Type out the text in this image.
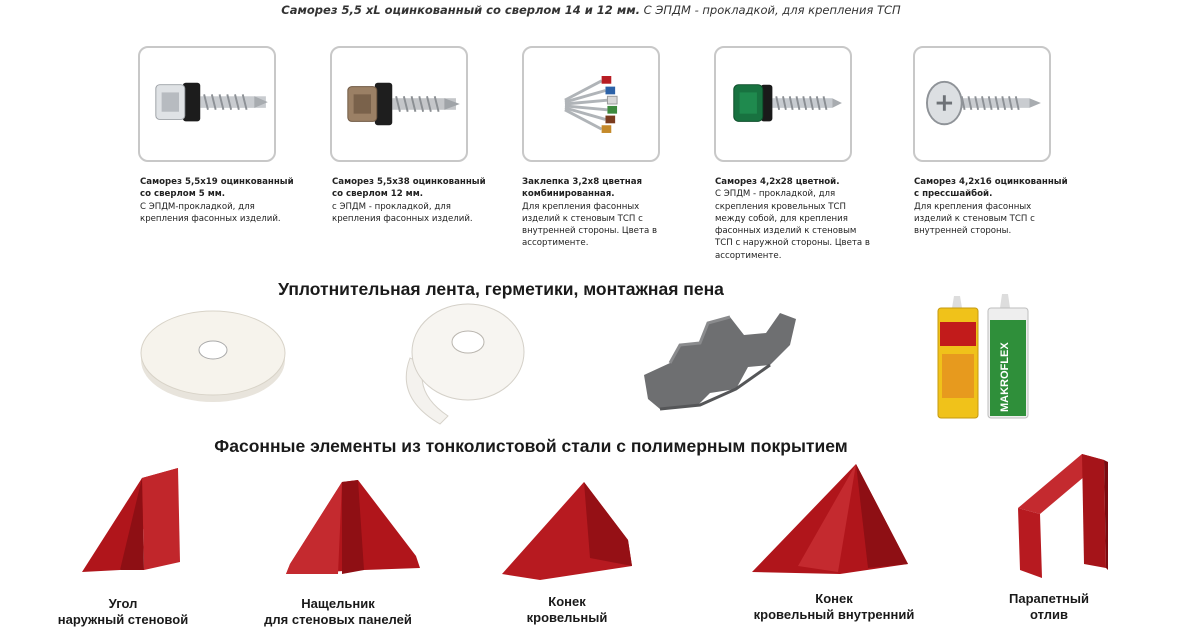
Саморез 5,5 хL оцинкованный со сверлом 14 и 12 мм. С ЭПДМ - прокладкой, для крепления ТСП
Саморез 5,5х19 оцинкованный
со сверлом 5 мм.
С ЭПДМ-прокладкой, для
крепления фасонных изделий.
Саморез 5,5х38 оцинкованный
со сверлом 12 мм.
с ЭПДМ - прокладкой, для
крепления фасонных изделий.
Заклепка 3,2х8 цветная
комбинированная.
Для крепления фасонных
изделий к стеновым ТСП с
внутренней стороны. Цвета в
ассортименте.
Саморез 4,2х28 цветной.
С ЭПДМ - прокладкой, для
скрепления кровельных ТСП
между собой, для крепления
фасонных изделий к стеновым
ТСП с наружной стороны. Цвета в
ассортименте.
Саморез 4,2х16 оцинкованный
с прессшайбой.
Для крепления фасонных
изделий к стеновым ТСП с
внутренней стороны.
Уплотнительная лента, герметики, монтажная пена
MAKROFLEX
Фасонные элементы из тонколистовой стали с полимерным покрытием
Угол
наружный стеновой
Нащельник
для стеновых панелей
Конек
кровельный
Конек
кровельный внутренний
Парапетный
отлив
